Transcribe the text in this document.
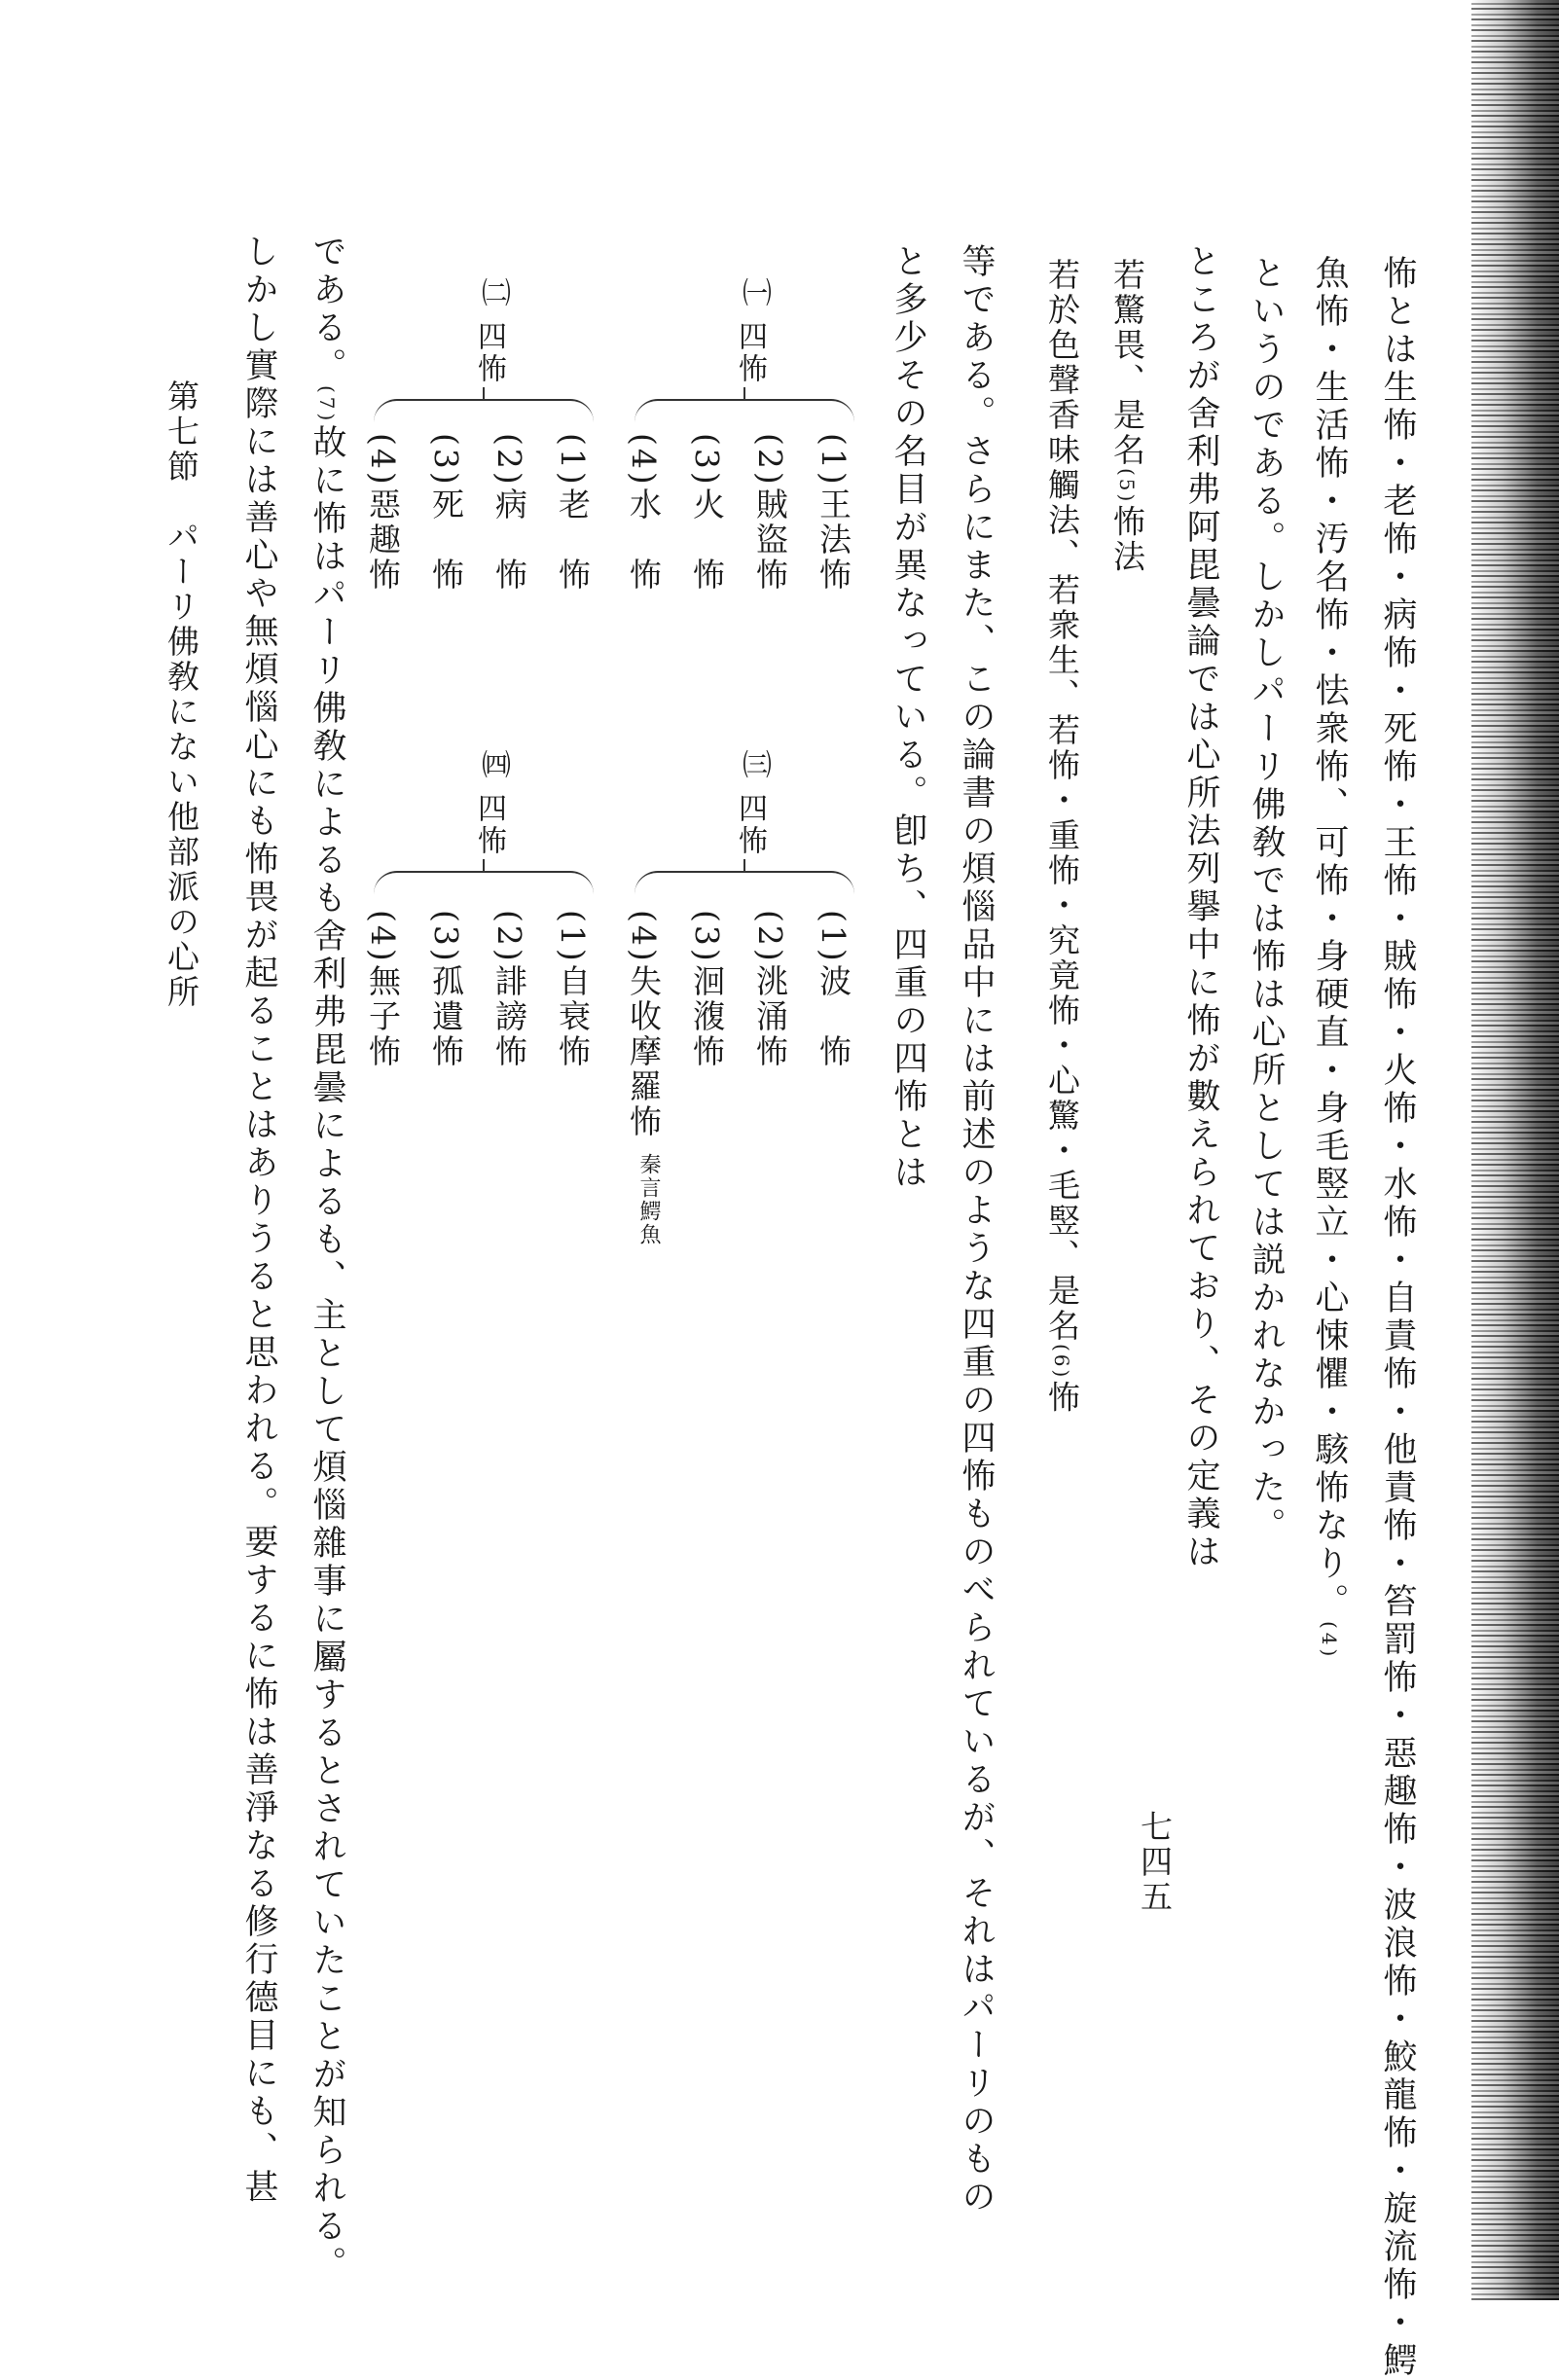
怖とは生怖・老怖・病怖・死怖・王怖・賊怖・火怖・水怖・自責怖・他責怖・笞罰怖・惡趣怖・波浪怖・鮫龍怖・旋流怖・鰐
魚怖・生活怖・汚名怖・怯衆怖、可怖・身硬直・身毛竪立・心悚懼・駭怖なり。(4)
というのである。しかしパーリ佛敎では怖は心所としては説かれなかった。
ところが舍利弗阿毘曇論では心所法列擧中に怖が數えられており、その定義は
若驚畏、是名(5)怖法
若於色聲香味觸法、若衆生、若怖・重怖・究竟怖・心驚・毛竪、是名(6)怖
等である。さらにまた、この論書の煩惱品中には前述のような四重の四怖ものべられているが、それはパーリのもの
と多少その名目が異なっている。卽ち、四重の四怖とは
㈠
四怖
(1)王法怖
(2)賊盜怖
(3)火　怖
(4)水　怖
㈢
四怖
(1)波　怖
(2)洮涌怖
(3)洄澓怖
(4)失收摩羅怖
秦言鰐魚
㈡
四怖
(1)老　怖
(2)病　怖
(3)死　怖
(4)惡趣怖
㈣
四怖
(1)自衰怖
(2)誹謗怖
(3)孤遺怖
(4)無子怖
である。(7)故に怖はパーリ佛敎によるも舍利弗毘曇によるも、主として煩惱雜事に屬するとされていたことが知られる。
しかし實際には善心や無煩惱心にも怖畏が起ることはありうると思われる。要するに怖は善淨なる修行德目にも、甚
第七節　パーリ佛敎にない他部派の心所
七四五
